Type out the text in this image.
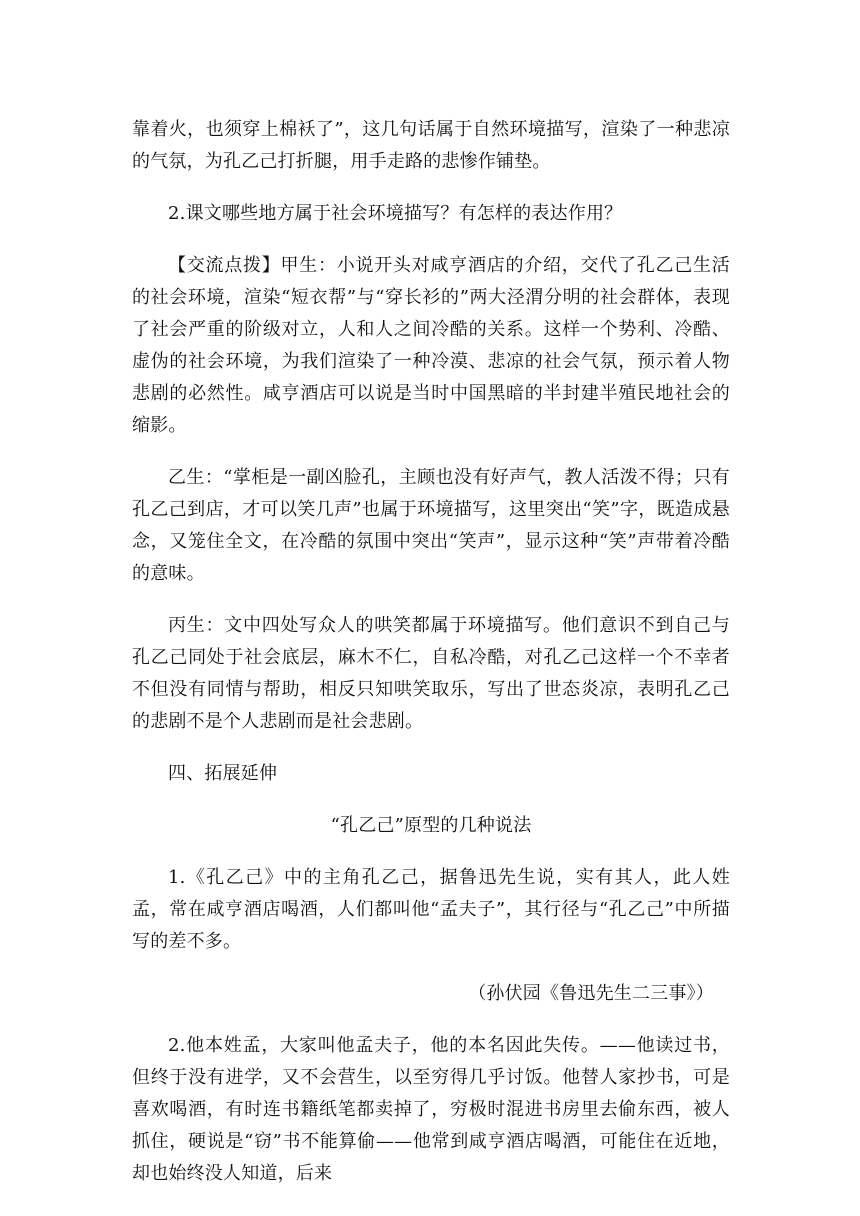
靠着火，也须穿上棉袄了”，这几句话属于自然环境描写，渲染了一种悲凉的气氛，为孔乙己打折腿，用手走路的悲惨作铺垫。

2.课文哪些地方属于社会环境描写？有怎样的表达作用？

【交流点拨】甲生：小说开头对咸亨酒店的介绍，交代了孔乙己生活的社会环境，渲染“短衣帮”与“穿长衫的”两大泾渭分明的社会群体，表现了社会严重的阶级对立，人和人之间冷酷的关系。这样一个势利、冷酷、虚伪的社会环境，为我们渲染了一种冷漠、悲凉的社会气氛，预示着人物悲剧的必然性。咸亨酒店可以说是当时中国黑暗的半封建半殖民地社会的缩影。

乙生：“掌柜是一副凶脸孔，主顾也没有好声气，教人活泼不得；只有孔乙己到店，才可以笑几声”也属于环境描写，这里突出“笑”字，既造成悬念，又笼住全文，在冷酷的氛围中突出“笑声”，显示这种“笑”声带着冷酷的意味。

丙生：文中四处写众人的哄笑都属于环境描写。他们意识不到自己与孔乙己同处于社会底层，麻木不仁，自私冷酷，对孔乙己这样一个不幸者不但没有同情与帮助，相反只知哄笑取乐，写出了世态炎凉，表明孔乙己的悲剧不是个人悲剧而是社会悲剧。

四、拓展延伸

“孔乙己”原型的几种说法

1.《孔乙己》中的主角孔乙己，据鲁迅先生说，实有其人，此人姓孟，常在咸亨酒店喝酒，人们都叫他“孟夫子”，其行径与“孔乙己”中所描写的差不多。

（孙伏园《鲁迅先生二三事》）

2.他本姓孟，大家叫他孟夫子，他的本名因此失传。——他读过书，但终于没有进学，又不会营生，以至穷得几乎讨饭。他替人家抄书，可是喜欢喝酒，有时连书籍纸笔都卖掉了，穷极时混进书房里去偷东西，被人抓住，硬说是“窃”书不能算偷——他常到咸亨酒店喝酒，可能住在近地，却也始终没人知道，后来
